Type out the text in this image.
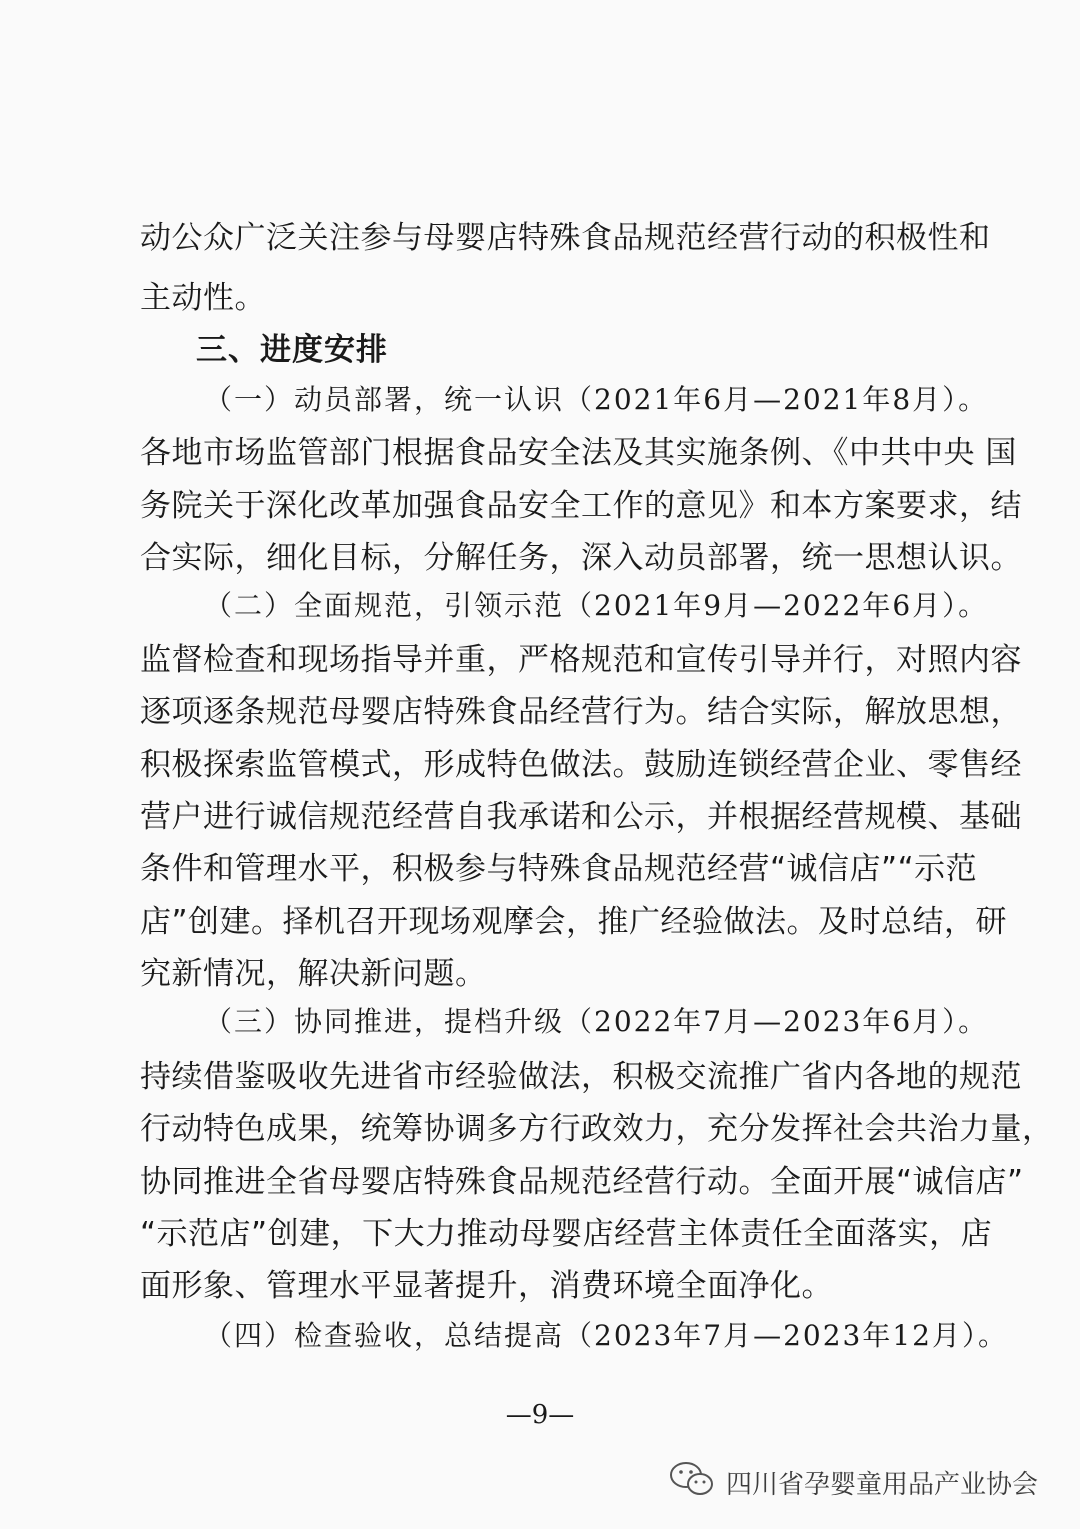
动公众广泛关注参与母婴店特殊食品规范经营行动的积极性和
主动性。
三、进度安排
（一）动员部署，统一认识（2021年6月—2021年8月）。
各地市场监管部门根据食品安全法及其实施条例、《中共中央 国
务院关于深化改革加强食品安全工作的意见》和本方案要求，结
合实际，细化目标，分解任务，深入动员部署，统一思想认识。
（二）全面规范，引领示范（2021年9月—2022年6月）。
监督检查和现场指导并重，严格规范和宣传引导并行，对照内容
逐项逐条规范母婴店特殊食品经营行为。结合实际，解放思想，
积极探索监管模式，形成特色做法。鼓励连锁经营企业、零售经
营户进行诚信规范经营自我承诺和公示，并根据经营规模、基础
条件和管理水平，积极参与特殊食品规范经营“诚信店”“示范
店”创建。择机召开现场观摩会，推广经验做法。及时总结，研
究新情况，解决新问题。
（三）协同推进，提档升级（2022年7月—2023年6月）。
持续借鉴吸收先进省市经验做法，积极交流推广省内各地的规范
行动特色成果，统筹协调多方行政效力，充分发挥社会共治力量，
协同推进全省母婴店特殊食品规范经营行动。全面开展“诚信店”
“示范店”创建，下大力推动母婴店经营主体责任全面落实，店
面形象、管理水平显著提升，消费环境全面净化。
（四）检查验收，总结提高（2023年7月—2023年12月）。
—9—
四川省孕婴童用品产业协会
